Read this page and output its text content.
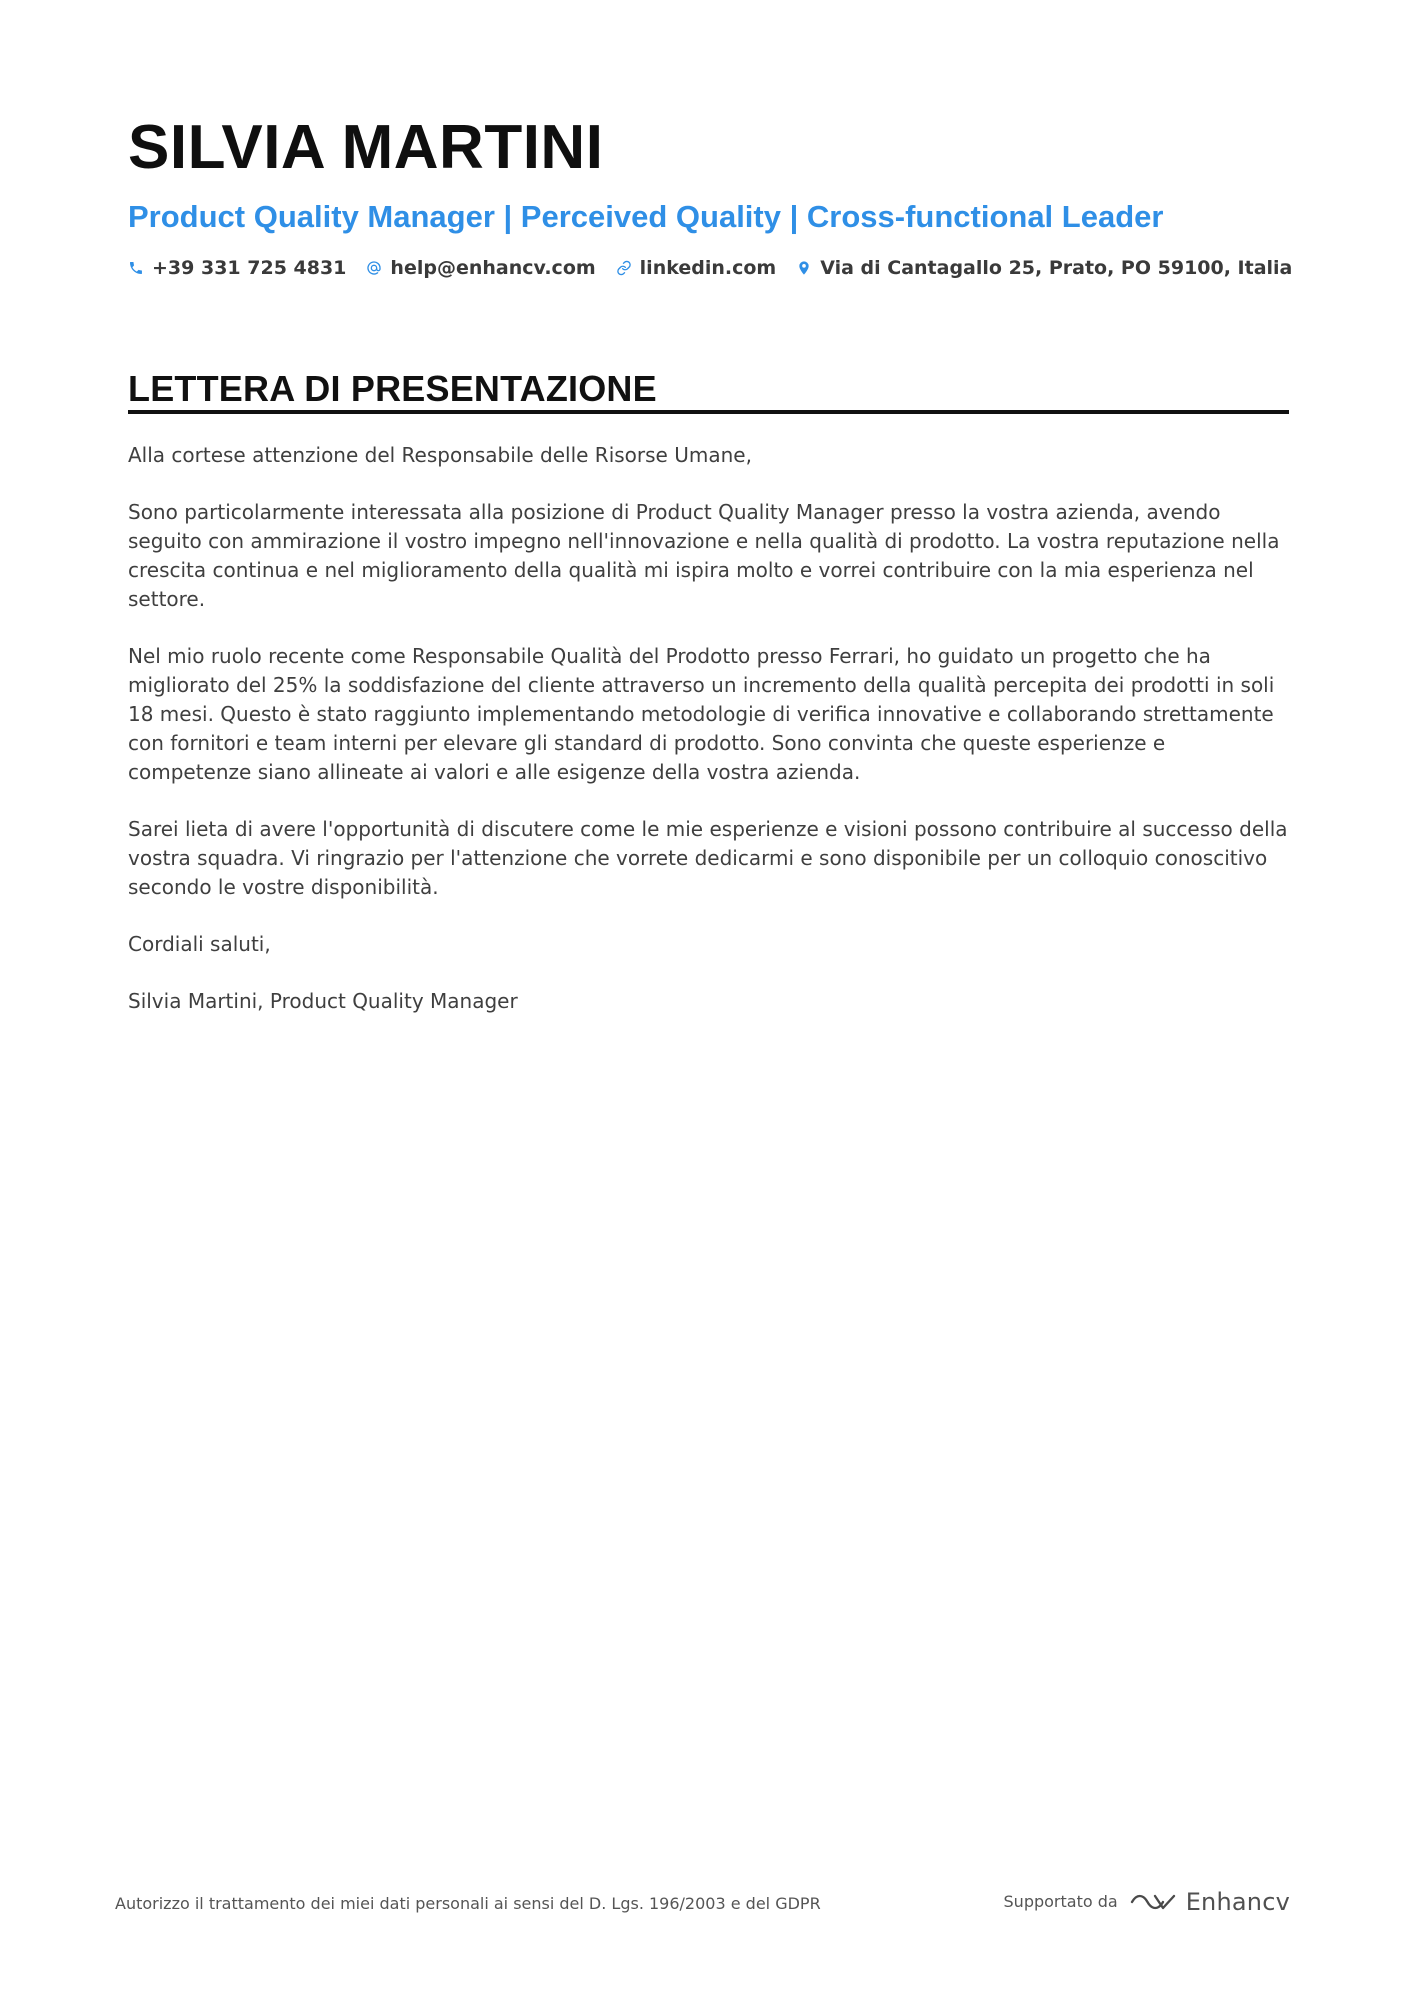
SILVIA MARTINI
Product Quality Manager | Perceived Quality | Cross-functional Leader
+39 331 725 4831 help@enhancv.com linkedin.com Via di Cantagallo 25, Prato, PO 59100, Italia
LETTERA DI PRESENTAZIONE

Alla cortese attenzione del Responsabile delle Risorse Umane,

Sono particolarmente interessata alla posizione di Product Quality Manager presso la vostra azienda, avendo seguito con ammirazione il vostro impegno nell'innovazione e nella qualità di prodotto. La vostra reputazione nella crescita continua e nel miglioramento della qualità mi ispira molto e vorrei contribuire con la mia esperienza nel settore.

Nel mio ruolo recente come Responsabile Qualità del Prodotto presso Ferrari, ho guidato un progetto che ha migliorato del 25% la soddisfazione del cliente attraverso un incremento della qualità percepita dei prodotti in soli 18 mesi. Questo è stato raggiunto implementando metodologie di verifica innovative e collaborando strettamente con fornitori e team interni per elevare gli standard di prodotto. Sono convinta che queste esperienze e competenze siano allineate ai valori e alle esigenze della vostra azienda.

Sarei lieta di avere l'opportunità di discutere come le mie esperienze e visioni possono contribuire al successo della vostra squadra. Vi ringrazio per l'attenzione che vorrete dedicarmi e sono disponibile per un colloquio conoscitivo secondo le vostre disponibilità.

Cordiali saluti,

Silvia Martini, Product Quality Manager

Autorizzo il trattamento dei miei dati personali ai sensi del D. Lgs. 196/2003 e del GDPR	Supportato da	Enhancv
